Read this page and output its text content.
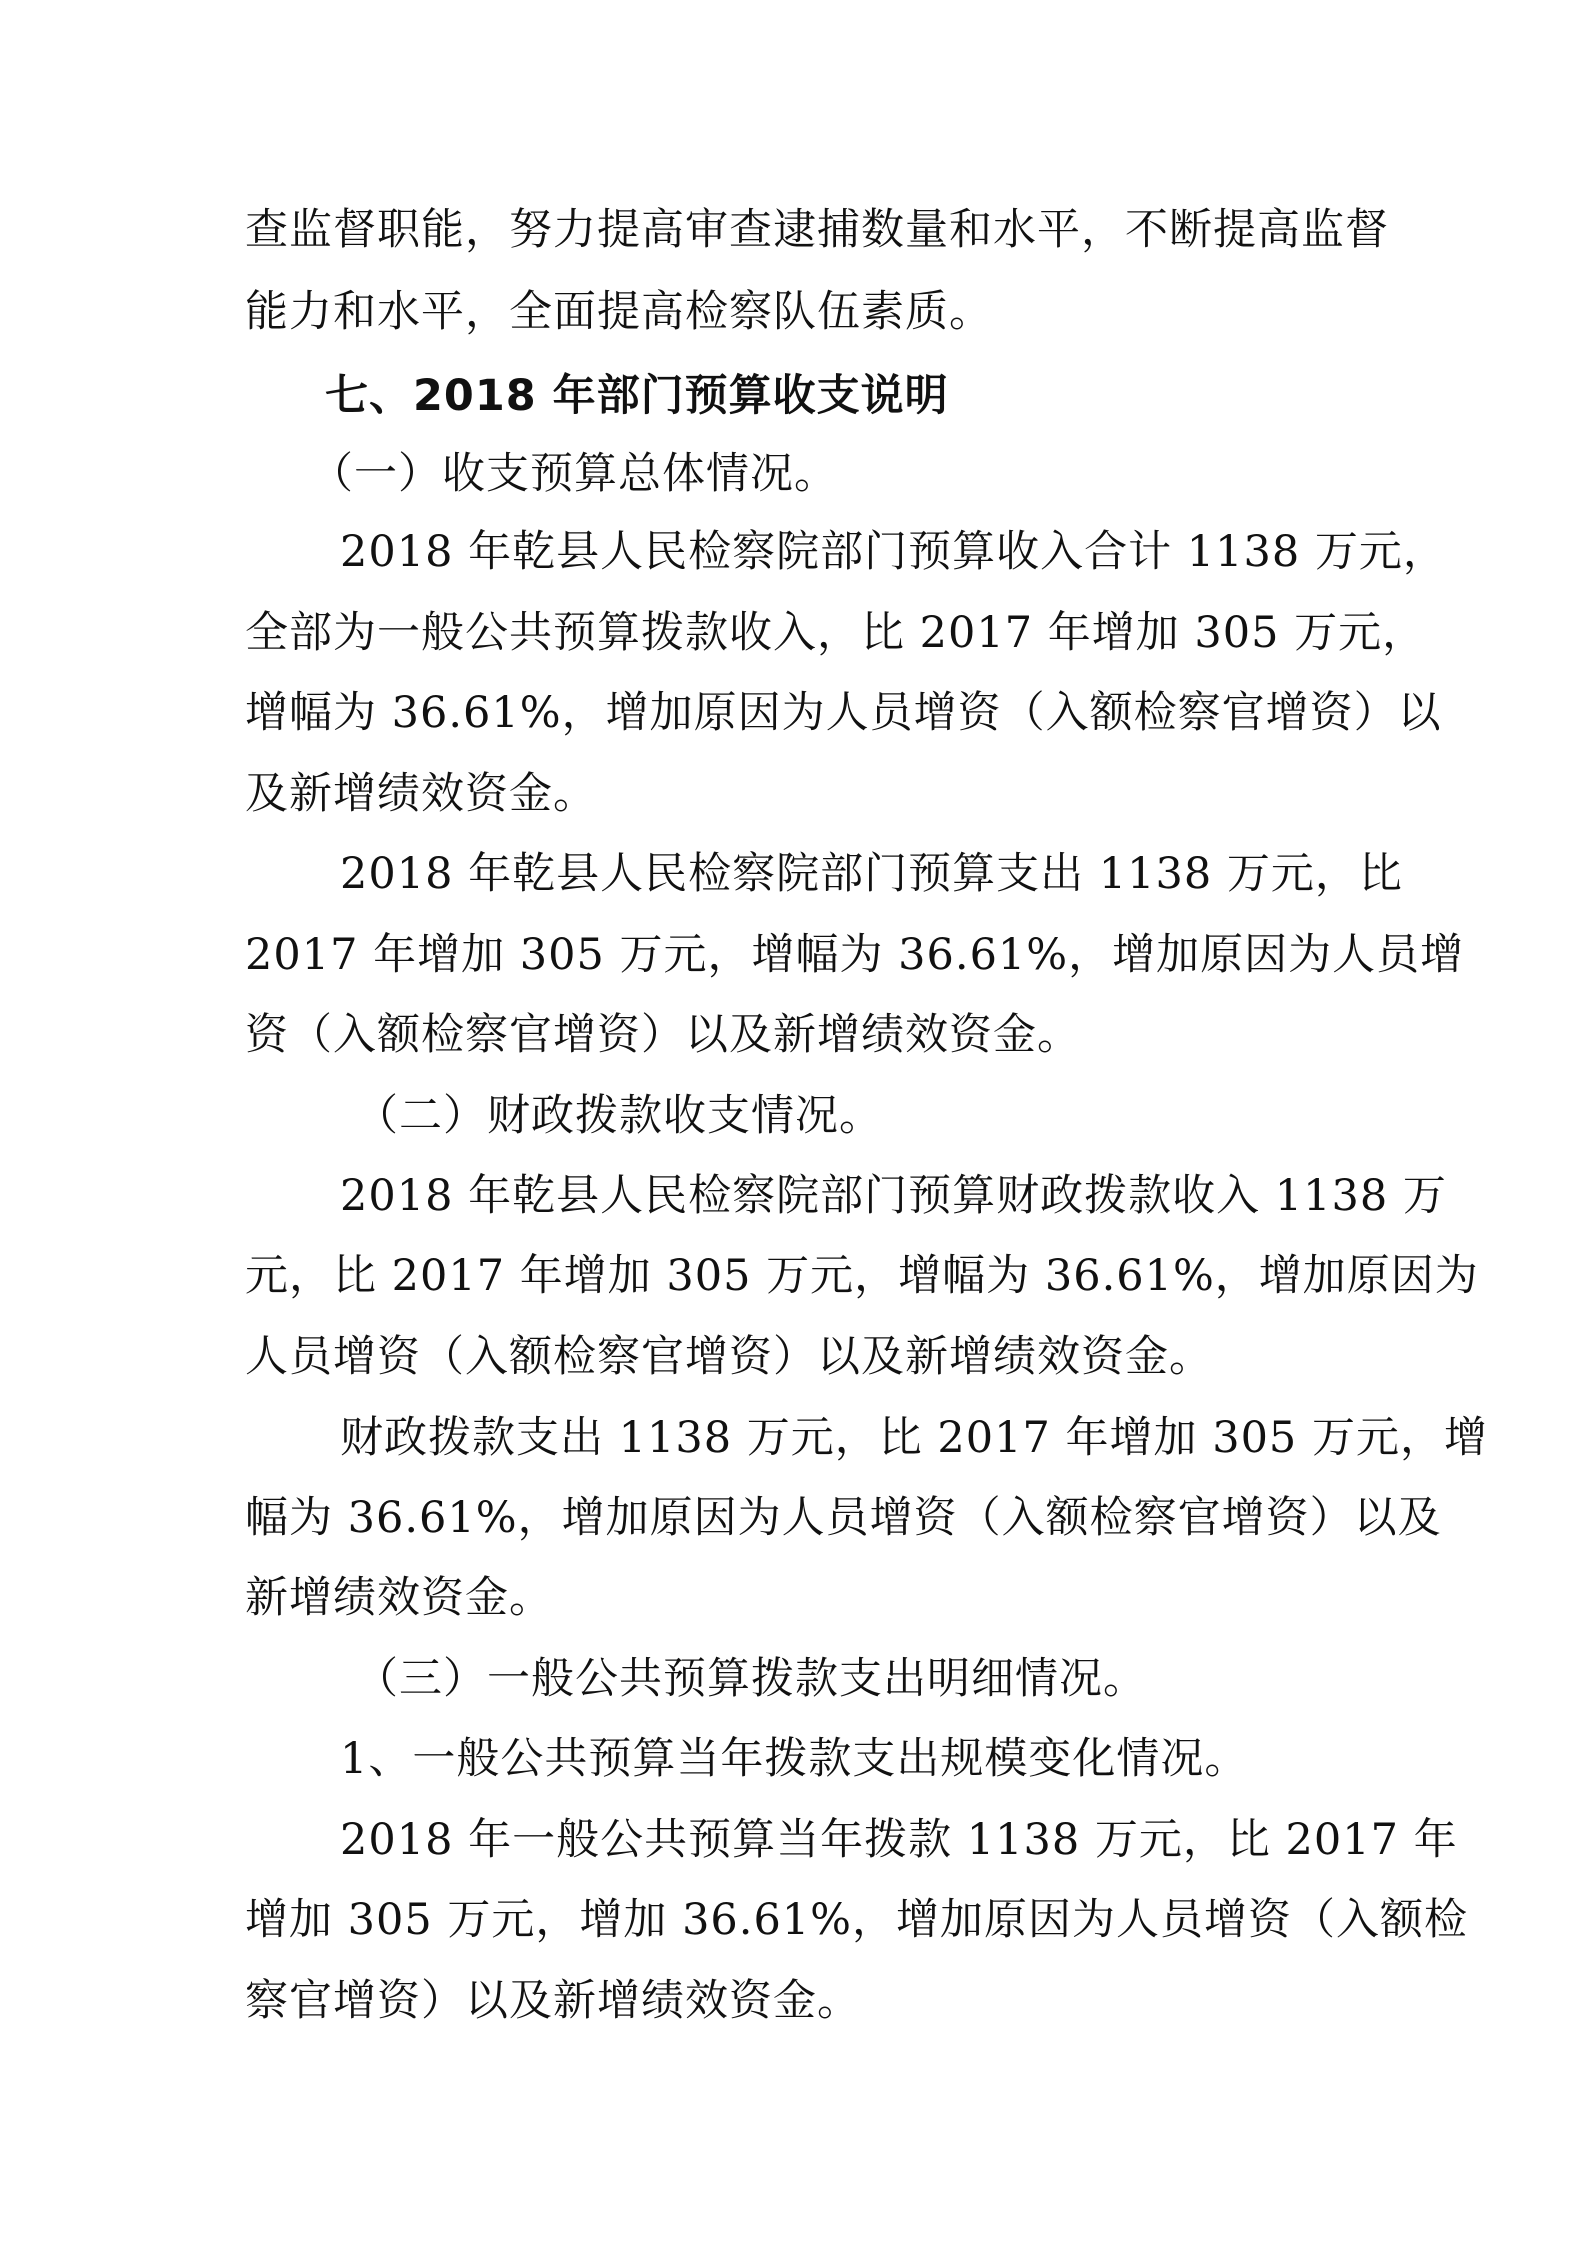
查监督职能，努力提高审查逮捕数量和水平，不断提高监督
能力和水平，全面提高检察队伍素质。
七、2018 年部门预算收支说明
（一）收支预算总体情况。
2018 年乾县人民检察院部门预算收入合计 1138 万元，
全部为一般公共预算拨款收入，比 2017 年增加 305 万元，
增幅为 36.61%，增加原因为人员增资（入额检察官增资）以
及新增绩效资金。
2018 年乾县人民检察院部门预算支出 1138 万元，比
2017 年增加 305 万元，增幅为 36.61%，增加原因为人员增
资（入额检察官增资）以及新增绩效资金。
（二）财政拨款收支情况。
2018 年乾县人民检察院部门预算财政拨款收入 1138 万
元，比 2017 年增加 305 万元，增幅为 36.61%，增加原因为
人员增资（入额检察官增资）以及新增绩效资金。
财政拨款支出 1138 万元，比 2017 年增加 305 万元，增
幅为 36.61%，增加原因为人员增资（入额检察官增资）以及
新增绩效资金。
（三）一般公共预算拨款支出明细情况。
1、一般公共预算当年拨款支出规模变化情况。
2018 年一般公共预算当年拨款 1138 万元，比 2017 年
增加 305 万元，增加 36.61%，增加原因为人员增资（入额检
察官增资）以及新增绩效资金。
